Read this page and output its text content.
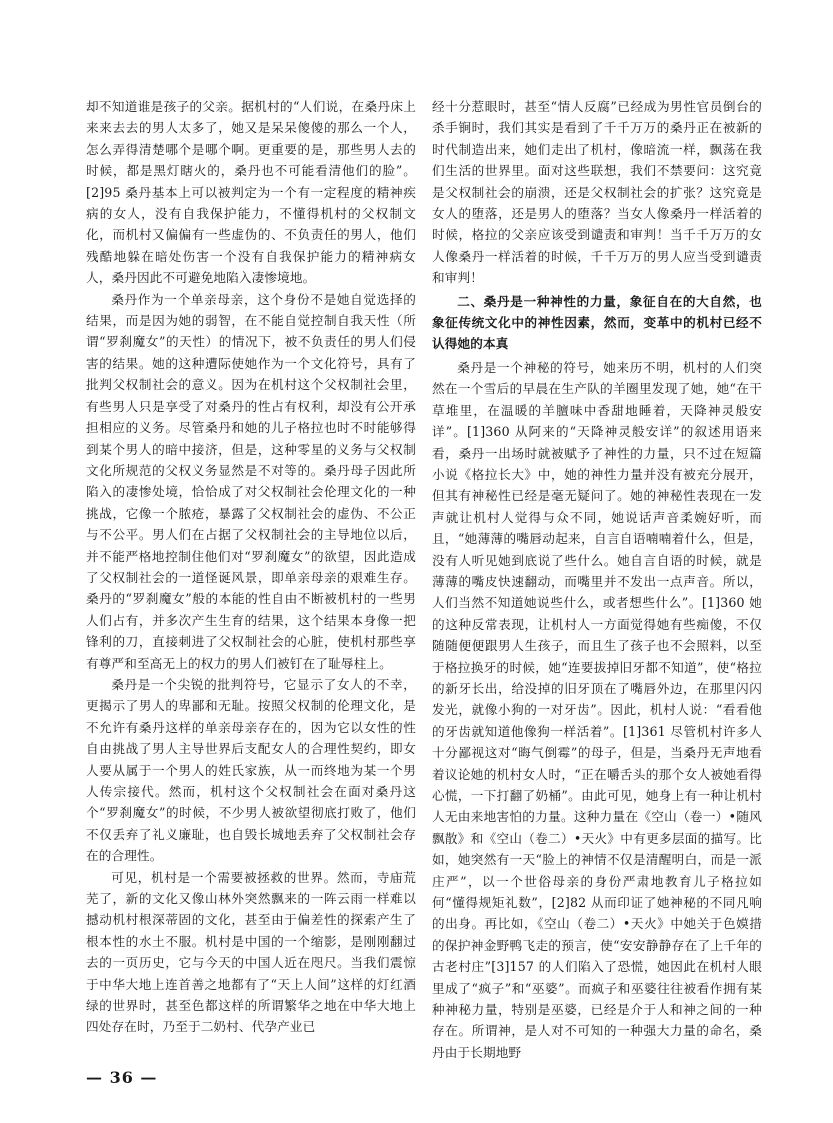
却不知道谁是孩子的父亲。据机村的“人们说，在桑丹床上来来去去的男人太多了，她又是呆呆傻傻的那么一个人，怎么弄得清楚哪个是哪个啊。更重要的是，那些男人去的时候，都是黑灯瞎火的，桑丹也不可能看清他们的脸”。[2]95 桑丹基本上可以被判定为一个有一定程度的精神疾病的女人，没有自我保护能力，不懂得机村的父权制文化，而机村又偏偏有一些虚伪的、不负责任的男人，他们残酷地躲在暗处伤害一个没有自我保护能力的精神病女人，桑丹因此不可避免地陷入凄惨境地。

桑丹作为一个单亲母亲，这个身份不是她自觉选择的结果，而是因为她的弱智，在不能自觉控制自我天性（所谓“罗刹魔女”的天性）的情况下，被不负责任的男人们侵害的结果。她的这种遭际使她作为一个文化符号，具有了批判父权制社会的意义。因为在机村这个父权制社会里，有些男人只是享受了对桑丹的性占有权利，却没有公开承担相应的义务。尽管桑丹和她的儿子格拉也时不时能够得到某个男人的暗中接济，但是，这种零星的义务与父权制文化所规范的父权义务显然是不对等的。桑丹母子因此所陷入的凄惨处境，恰恰成了对父权制社会伦理文化的一种挑战，它像一个脓疮，暴露了父权制社会的虚伪、不公正与不公平。男人们在占据了父权制社会的主导地位以后，并不能严格地控制住他们对“罗刹魔女”的欲望，因此造成了父权制社会的一道怪诞风景，即单亲母亲的艰难生存。桑丹的“罗刹魔女”般的本能的性自由不断被机村的一些男人们占有，并多次产生生育的结果，这个结果本身像一把锋利的刀，直接刺进了父权制社会的心脏，使机村那些享有尊严和至高无上的权力的男人们被钉在了耻辱柱上。

桑丹是一个尖锐的批判符号，它显示了女人的不幸，更揭示了男人的卑鄙和无耻。按照父权制的伦理文化，是不允许有桑丹这样的单亲母亲存在的，因为它以女性的性自由挑战了男人主导世界后支配女人的合理性契约，即女人要从属于一个男人的姓氏家族，从一而终地为某一个男人传宗接代。然而，机村这个父权制社会在面对桑丹这个“罗刹魔女”的时候，不少男人被欲望彻底打败了，他们不仅丢弃了礼义廉耻，也自毁长城地丢弃了父权制社会存在的合理性。

可见，机村是一个需要被拯救的世界。然而，寺庙荒芜了，新的文化又像山林外突然飘来的一阵云雨一样难以撼动机村根深蒂固的文化，甚至由于偏差性的探索产生了根本性的水土不服。机村是中国的一个缩影，是刚刚翻过去的一页历史，它与今天的中国人近在咫尺。当我们震惊于中华大地上连首善之地都有了“天上人间”这样的灯红酒绿的世界时，甚至色都这样的所谓繁华之地在中华大地上四处存在时，乃至于二奶村、代孕产业已

经十分惹眼时，甚至“情人反腐”已经成为男性官员倒台的杀手锏时，我们其实是看到了千千万万的桑丹正在被新的时代制造出来，她们走出了机村，像暗流一样，飘荡在我们生活的世界里。面对这些联想，我们不禁要问：这究竟是父权制社会的崩溃，还是父权制社会的扩张？这究竟是女人的堕落，还是男人的堕落？当女人像桑丹一样活着的时候，格拉的父亲应该受到谴责和审判！当千千万万的女人像桑丹一样活着的时候，千千万万的男人应当受到谴责和审判！

二、桑丹是一种神性的力量，象征自在的大自然，也象征传统文化中的神性因素，然而，变革中的机村已经不认得她的本真

桑丹是一个神秘的符号，她来历不明，机村的人们突然在一个雪后的早晨在生产队的羊圈里发现了她，她“在干草堆里，在温暖的羊膻味中香甜地睡着，天降神灵般安详”。[1]360 从阿来的“天降神灵般安详”的叙述用语来看，桑丹一出场时就被赋予了神性的力量，只不过在短篇小说《格拉长大》中，她的神性力量并没有被充分展开，但其有神秘性已经是毫无疑问了。她的神秘性表现在一发声就让机村人觉得与众不同，她说话声音柔婉好听，而且，“她薄薄的嘴唇动起来，自言自语喃喃着什么，但是，没有人听见她到底说了些什么。她自言自语的时候，就是薄薄的嘴皮快速翻动，而嘴里并不发出一点声音。所以，人们当然不知道她说些什么，或者想些什么”。[1]360 她的这种反常表现，让机村人一方面觉得她有些痴傻，不仅随随便便跟男人生孩子，而且生了孩子也不会照料，以至于格拉换牙的时候，她“连要拔掉旧牙都不知道”，使“格拉的新牙长出，给没掉的旧牙顶在了嘴唇外边，在那里闪闪发光，就像小狗的一对牙齿”。因此，机村人说：“看看他的牙齿就知道他像狗一样活着”。[1]361 尽管机村许多人十分鄙视这对“晦气倒霉”的母子，但是，当桑丹无声地看着议论她的机村女人时，“正在嚼舌头的那个女人被她看得心慌，一下打翻了奶桶”。由此可见，她身上有一种让机村人无由来地害怕的力量。这种力量在《空山（卷一）•随风飘散》和《空山（卷二）•天火》中有更多层面的描写。比如，她突然有一天“脸上的神情不仅是清醒明白，而是一派庄严”，以一个世俗母亲的身份严肃地教育儿子格拉如何“懂得规矩礼数”，[2]82 从而印证了她神秘的不同凡响的出身。再比如，《空山（卷二）•天火》中她关于色嫫措的保护神金野鸭飞走的预言，使“安安静静存在了上千年的古老村庄”[3]157 的人们陷入了恐慌，她因此在机村人眼里成了“疯子”和“巫婆”。而疯子和巫婆往往被看作拥有某种神秘力量，特别是巫婆，已经是介于人和神之间的一种存在。所谓神，是人对不可知的一种强大力量的命名，桑丹由于长期地野

— 36 —
